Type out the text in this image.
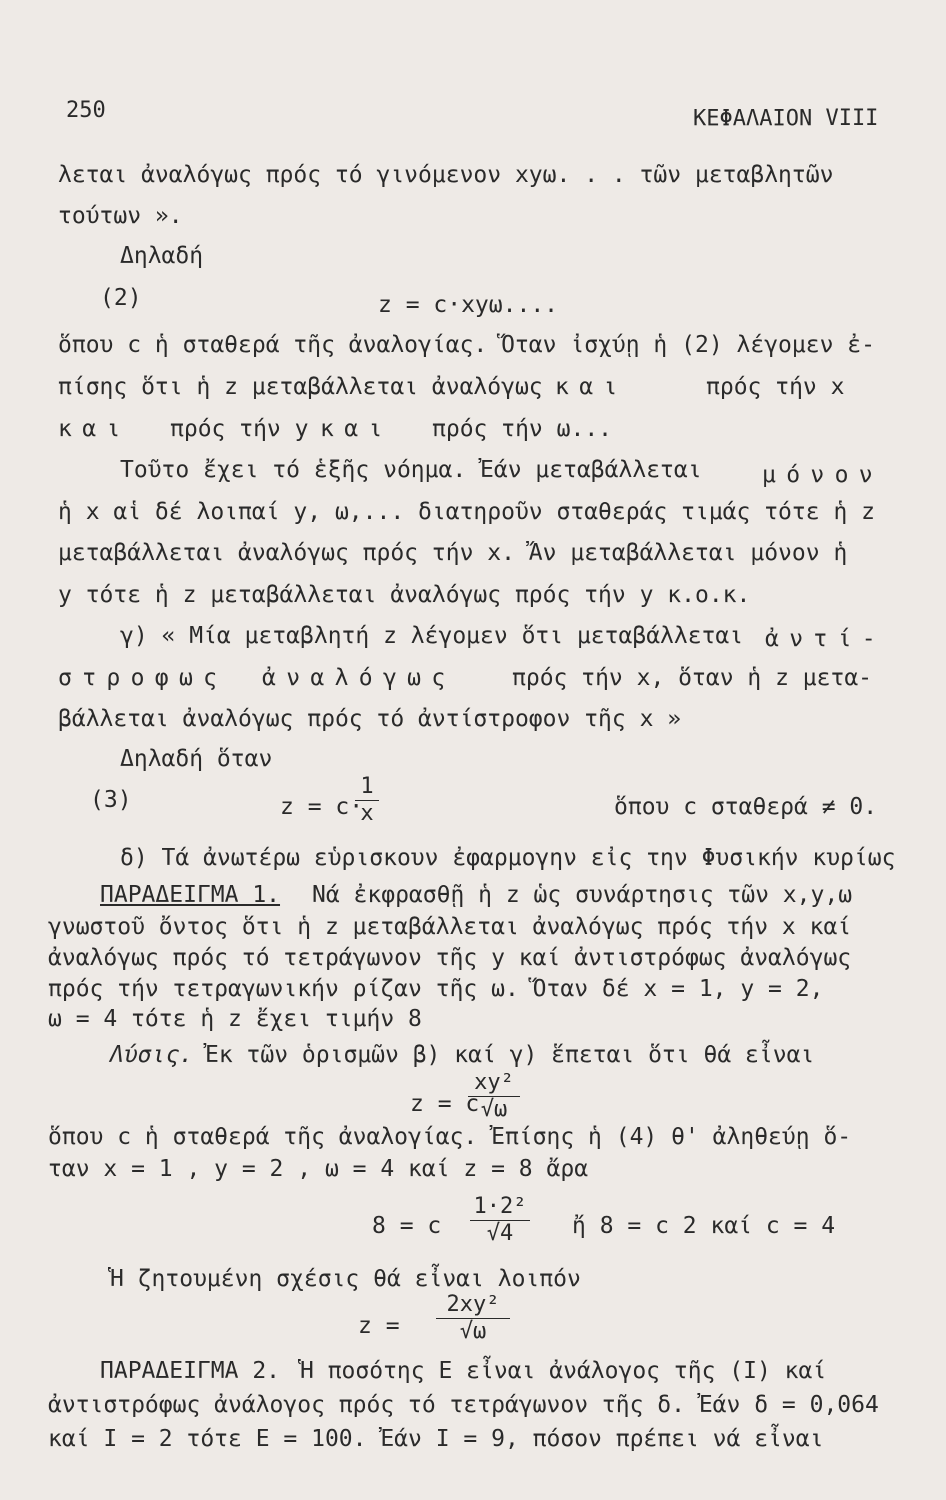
250	ΚΕΦΑΛΑΙΟΝ VIII
λεται ἀναλόγως πρός τό γινόμενον xyω. . . τῶν μεταβλητῶν
τούτων ».
Δηλαδή
(2)	z = c·xyω....
ὅπου c ἡ σταθερά τῆς ἀναλογίας. Ὅταν ἰσχύῃ ἡ (2) λέγομεν ἐ-
πίσης ὅτι ἡ z μεταβάλλεται ἀναλόγως και	πρός τήν x
και πρός τήν y και πρός τήν ω...
Τοῦτο ἔχει τό ἑξῆς νόημα. Ἐάν μεταβάλλεται	μόνον
ἡ x αἱ δέ λοιπαί y, ω,... διατηροῦν σταθεράς τιμάς τότε ἡ z
μεταβάλλεται ἀναλόγως πρός τήν x. Ἄν μεταβάλλεται μόνον ἡ
y τότε ἡ z μεταβάλλεται ἀναλόγως πρός τήν y κ.ο.κ.
γ) « Μία μεταβλητή z λέγομεν ὅτι μεταβάλλεται ἀντί-
στροφως ἀναλόγως πρός τήν x, ὅταν ἡ z μετα-
βάλλεται ἀναλόγως πρός τό ἀντίστροφον τῆς x »
Δηλαδή ὅταν
(3)	z = c·
$\frac{1}{x}$	ὅπου c σταθερά ≠ 0.
δ) Τά ἀνωτέρω εὑρισκουν ἐφαρμογην εἰς την Φυσικήν κυρίως
ΠΑΡΑΔΕΙΓΜΑ 1. Νά ἐκφρασθῇ ἡ z ὡς συνάρτησις τῶν x,y,ω
γνωστοῦ ὄντος ὅτι ἡ z μεταβάλλεται ἀναλόγως πρός τήν x καί
ἀναλόγως πρός τό τετράγωνον τῆς y καί ἀντιστρόφως ἀναλόγως
πρός τήν τετραγωνικήν ρίζαν τῆς ω. Ὅταν δέ x = 1, y = 2,
ω = 4 τότε ἡ z ἔχει τιμήν 8
Λύσις. Ἐκ τῶν ὁρισμῶν β) καί γ) ἕπεται ὅτι θά εἶναι
z = c
$\frac{\text{xy²}}{√\omega}$
ὅπου c ἡ σταθερά τῆς ἀναλογίας. Ἐπίσης ἡ (4) θ' ἀληθεύῃ ὅ-
ταν x = 1 , y = 2 , ω = 4 καί z = 8 ἄρα
8 = c $\frac{\text{1·2²}}{√4}$ ἤ 8 = c 2 καί c = 4
Ἡ ζητουμένη σχέσις θά εἶναι λοιπόν
$z = \frac{\text{2xy²}}{√\omega}$
ΠΑΡΑΔΕΙΓΜΑ 2. Ἡ ποσότης E εἶναι ἀνάλογος τῆς (I) καί
ἀντιστρόφως ἀνάλογος πρός τό τετράγωνον τῆς δ. Ἐάν δ = 0,064
καί I = 2 τότε E = 100. Ἐάν I = 9, πόσον πρέπει νά εἶναι
